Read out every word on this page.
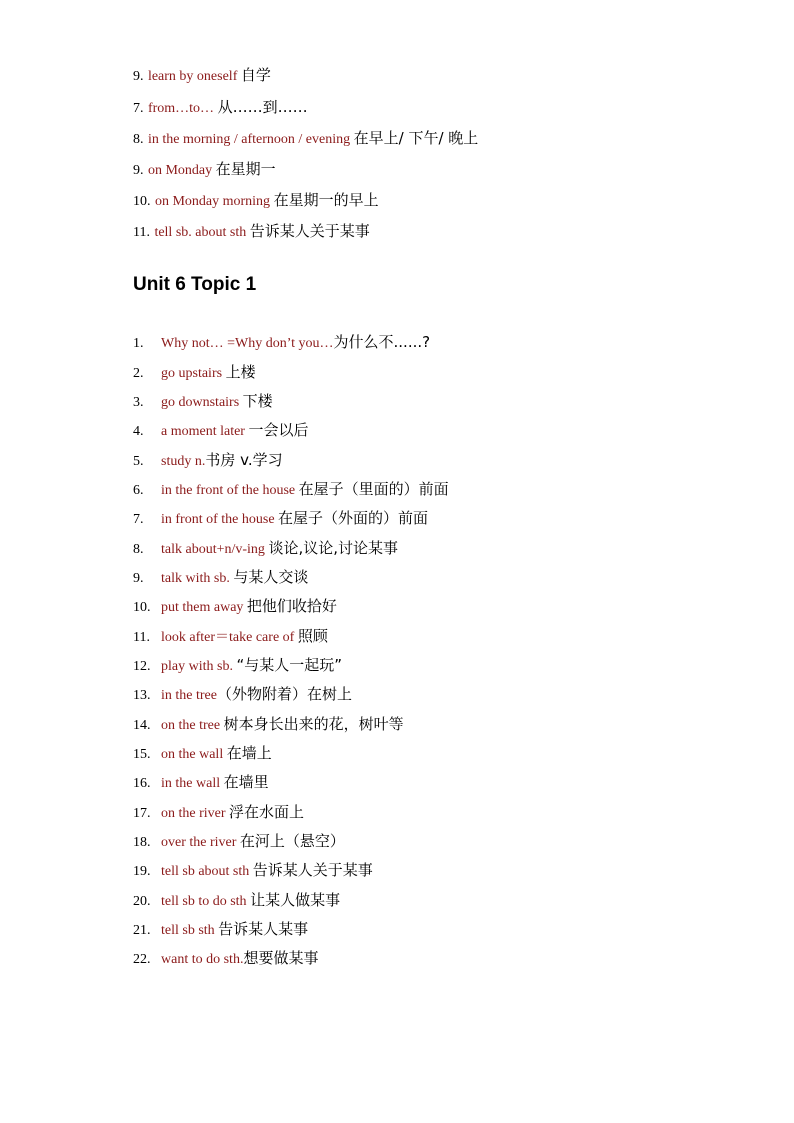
9. learn by oneself 自学
7. from…to… 从……到……
8. in the morning / afternoon / evening 在早上/ 下午/ 晚上
9. on Monday 在星期一
10. on Monday morning 在星期一的早上
11. tell sb. about sth 告诉某人关于某事
Unit 6 Topic 1
1. Why not… =Why don’t you…为什么不......?
2. go upstairs 上楼
3. go downstairs 下楼
4. a moment later 一会以后
5. study n.书房 v.学习
6. in the front of the house 在屋子（里面的）前面
7. in front of the house 在屋子（外面的）前面
8. talk about+n/v-ing 谈论,议论,讨论某事
9. talk with sb. 与某人交谈
10. put them away 把他们收拾好
11. look after＝take care of 照顾
12. play with sb. “与某人一起玩”
13. in the tree（外物附着）在树上
14. on the tree 树本身长出来的花，树叶等
15. on the wall 在墙上
16. in the wall 在墙里
17. on the river 浮在水面上
18. over the river 在河上（悬空）
19. tell sb about sth 告诉某人关于某事
20. tell sb to do sth 让某人做某事
21. tell sb sth 告诉某人某事
22. want to do sth.想要做某事
